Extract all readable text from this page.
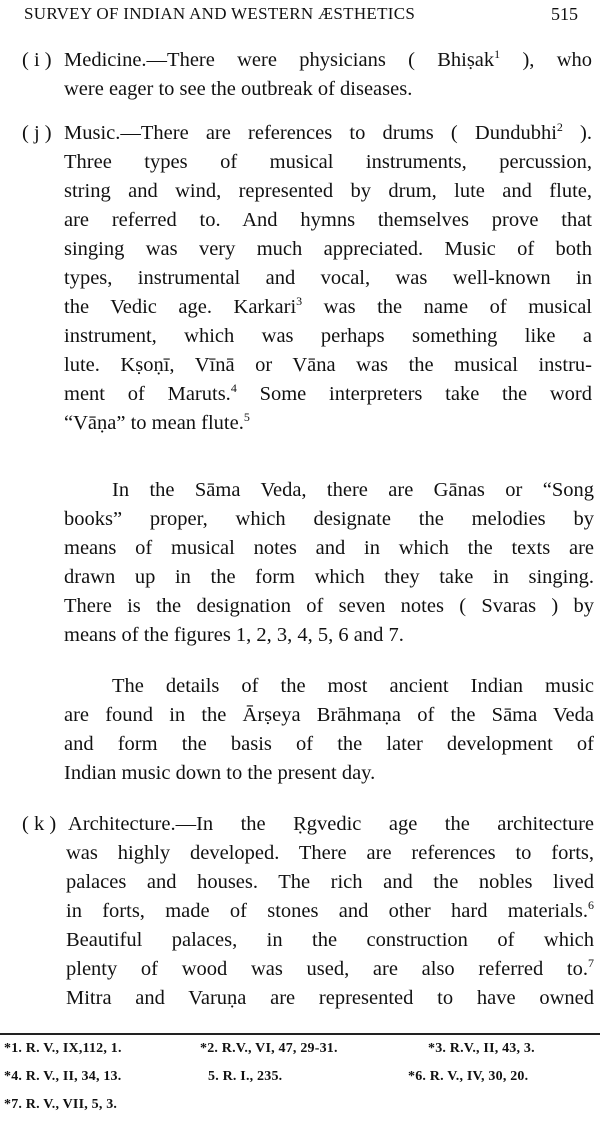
SURVEY OF INDIAN AND WESTERN ÆSTHETICS	515
( i ) Medicine.—There were physicians ( Bhiṣak$^1$ ), who
were eager to see the outbreak of diseases.
( j ) Music.—There are references to drums ( Dundubhi$^2$ ).
Three types of musical instruments, percussion,
string and wind, represented by drum, lute and flute,
are referred to. And hymns themselves prove that
singing was very much appreciated. Music of both
types, instrumental and vocal, was well-known in
the Vedic age. Karkari$^3$ was the name of musical
instrument, which was perhaps something like a
lute. Kṣoṇī, Vīnā or Vāna was the musical instru-
ment of Maruts.$^4$ Some interpreters take the word
“Vāṇa” to mean flute.$^5$
In the Sāma Veda, there are Gānas or “Song
books” proper, which designate the melodies by
means of musical notes and in which the texts are
drawn up in the form which they take in singing.
There is the designation of seven notes ( Svaras ) by
means of the figures 1, 2, 3, 4, 5, 6 and 7.
The details of the most ancient Indian music
are found in the Ārṣeya Brāhmaṇa of the Sāma Veda
and form the basis of the later development of
Indian music down to the present day.
( k ) Architecture.—In the Ṛgvedic age the architecture
was highly developed. There are references to forts,
palaces and houses. The rich and the nobles lived
in forts, made of stones and other hard materials.$^6$
Beautiful palaces, in the construction of which
plenty of wood was used, are also referred to.$^7$
Mitra and Varuṇa are represented to have owned
*1. R. V., IX,112, 1.	*2. R.V., VI, 47, 29-31.	*3. R.V., II, 43, 3.
*4. R. V., II, 34, 13.	5. R. I., 235.	*6. R. V., IV, 30, 20.
*7. R. V., VII, 5, 3.
